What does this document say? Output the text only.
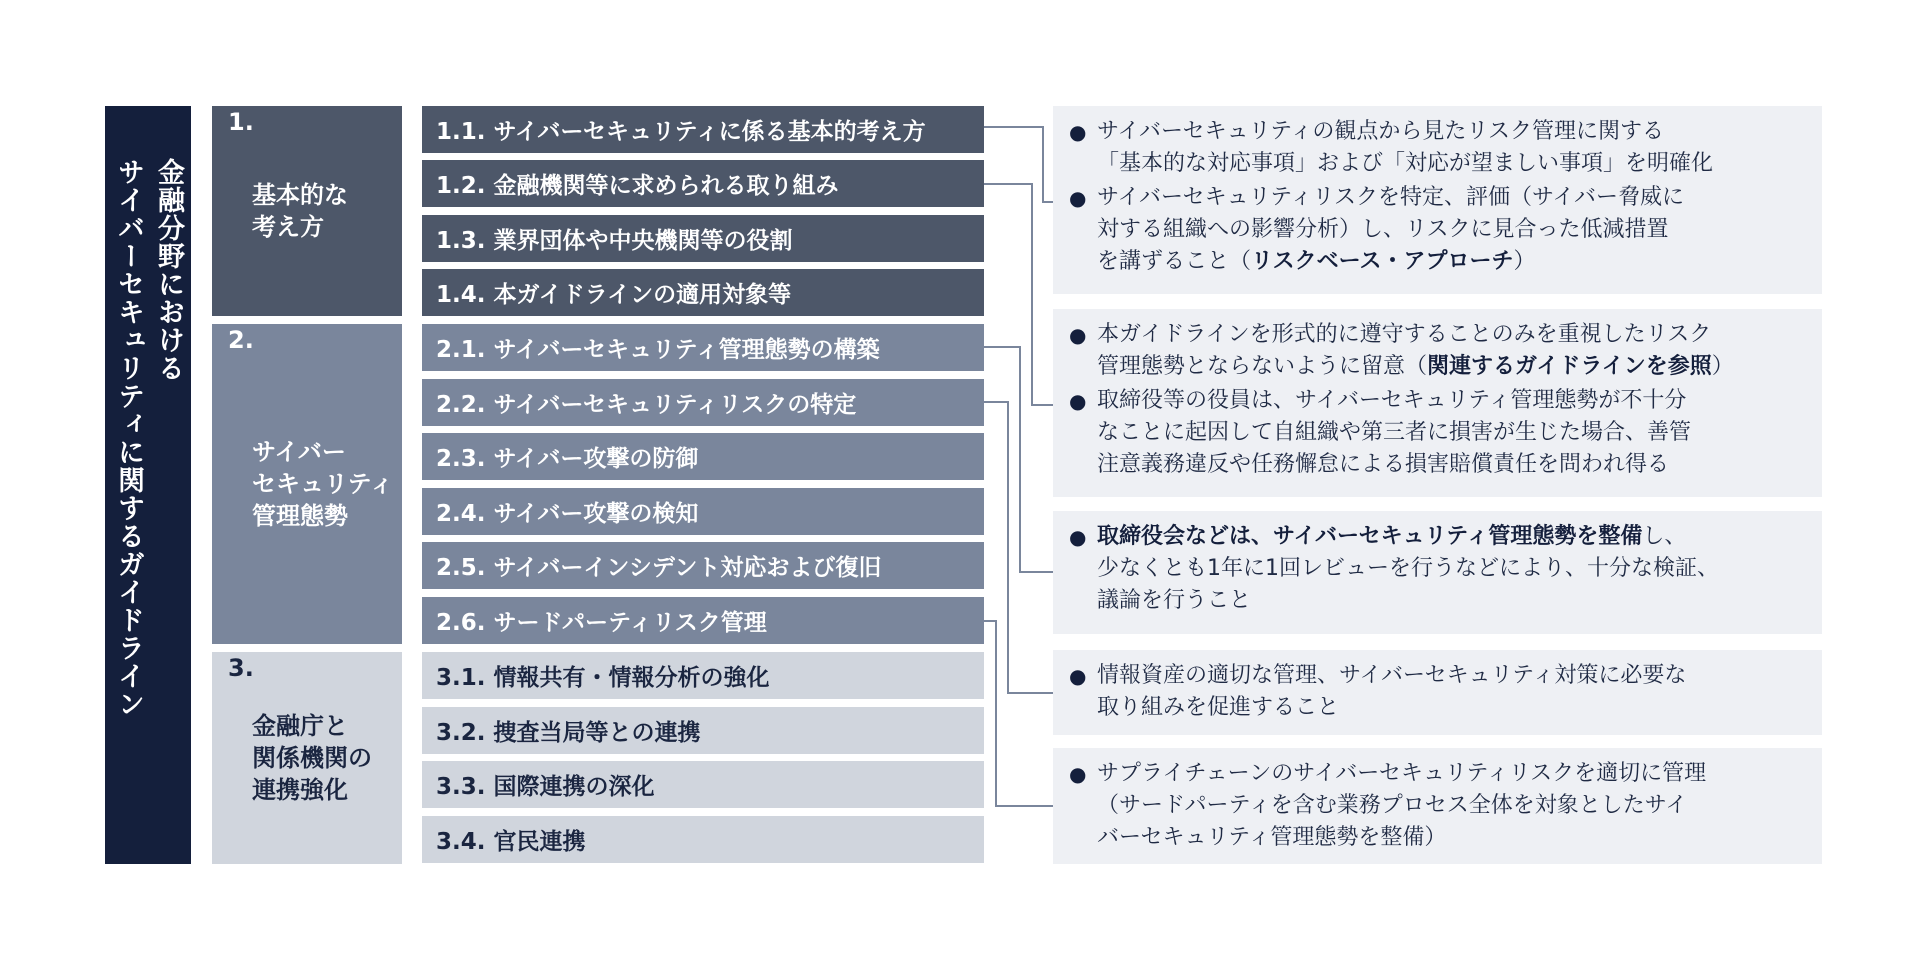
金融分野における
サイバーセキュリティに関するガイドライン
1.
基本的な
考え方
2.
サイバー
セキュリティ
管理態勢
3.
金融庁と
関係機関の
連携強化
1.1. サイバーセキュリティに係る基本的考え方
1.2. 金融機関等に求められる取り組み
1.3. 業界団体や中央機関等の役割
1.4. 本ガイドラインの適用対象等
2.1. サイバーセキュリティ管理態勢の構築
2.2. サイバーセキュリティリスクの特定
2.3. サイバー攻撃の防御
2.4. サイバー攻撃の検知
2.5. サイバーインシデント対応および復旧
2.6. サードパーティリスク管理
3.1. 情報共有・情報分析の強化
3.2. 捜査当局等との連携
3.3. 国際連携の深化
3.4. 官民連携
● サイバーセキュリティの観点から見たリスク管理に関する
「基本的な対応事項」および「対応が望ましい事項」を明確化
● サイバーセキュリティリスクを特定、評価（サイバー脅威に
対する組織への影響分析）し、リスクに見合った低減措置
を講ずること（リスクベース・アプローチ）
● 本ガイドラインを形式的に遵守することのみを重視したリスク
管理態勢とならないように留意（関連するガイドラインを参照）
● 取締役等の役員は、サイバーセキュリティ管理態勢が不十分
なことに起因して自組織や第三者に損害が生じた場合、善管
注意義務違反や任務懈怠による損害賠償責任を問われ得る
● 取締役会などは、サイバーセキュリティ管理態勢を整備し、
少なくとも1年に1回レビューを行うなどにより、十分な検証、
議論を行うこと
● 情報資産の適切な管理、サイバーセキュリティ対策に必要な
取り組みを促進すること
● サプライチェーンのサイバーセキュリティリスクを適切に管理
（サードパーティを含む業務プロセス全体を対象としたサイ
バーセキュリティ管理態勢を整備）
